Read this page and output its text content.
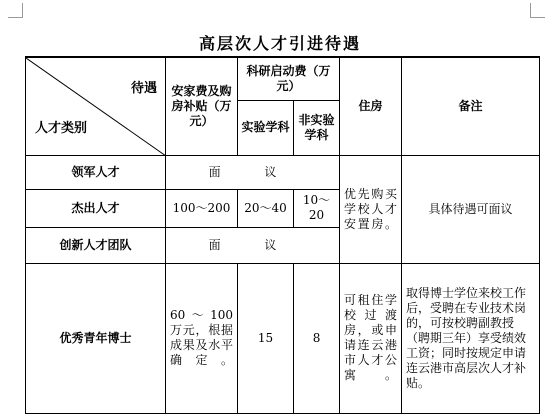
高层次人才引进待遇
待遇
人才类别	安家费及购房补贴（万元）	科研启动费（万元）		住房	备注
		实验学科	非实验学科		
领军人才	面 议			优先购买学校人才安置房。	具体待遇可面议
杰出人才	100～200	20～40	10～20		
创新人才团队	面 议				
优秀青年博士	60～100 万元，根据成果及水平确定。	15	8	可租住学校过渡房，或申请连云港市人才公寓。	取得博士学位来校工作后，受聘在专业技术岗的，可按校聘副教授（聘期三年）享受绩效工资；同时按规定申请连云港市高层次人才补贴。
